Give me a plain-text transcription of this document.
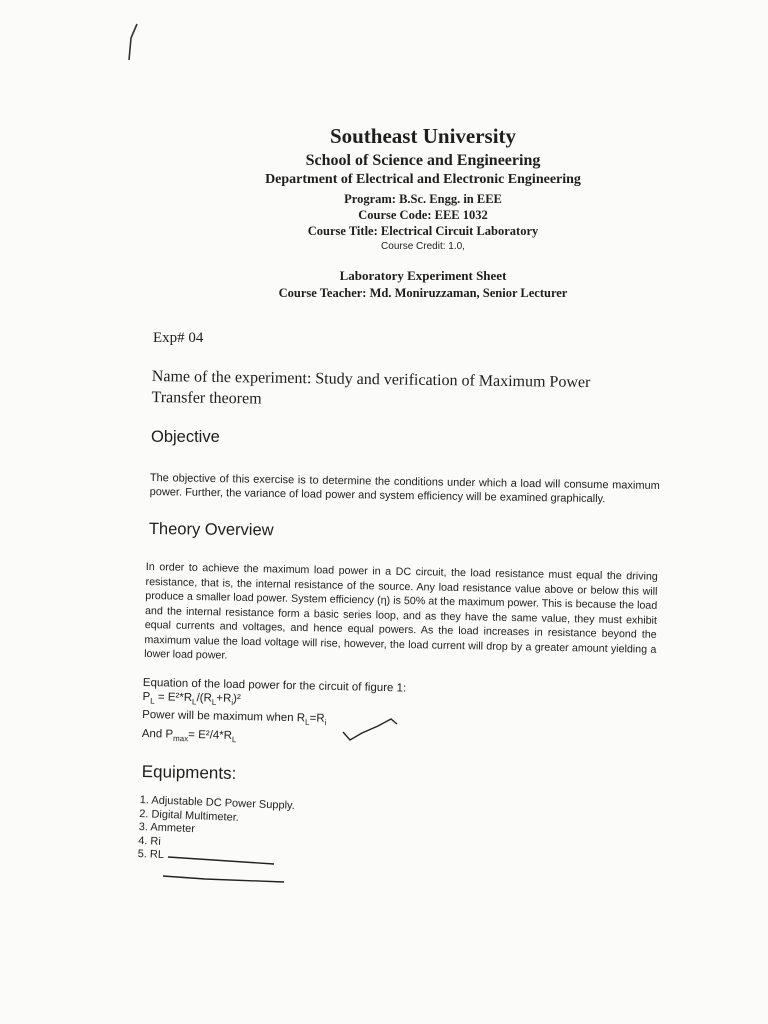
Southeast University
School of Science and Engineering
Department of Electrical and Electronic Engineering
Program: B.Sc. Engg. in EEE
Course Code: EEE 1032
Course Title: Electrical Circuit Laboratory
Course Credit: 1.0,
Laboratory Experiment Sheet
Course Teacher: Md. Moniruzzaman, Senior Lecturer
Exp# 04
Name of the experiment: Study and verification of Maximum Power
Transfer theorem
Objective
The objective of this exercise is to determine the conditions under which a load will consume maximum power. Further, the variance of load power and system efficiency will be examined graphically.
Theory Overview
In order to achieve the maximum load power in a DC circuit, the load resistance must equal the driving resistance, that is, the internal resistance of the source. Any load resistance value above or below this will produce a smaller load power. System efficiency (η) is 50% at the maximum power. This is because the load and the internal resistance form a basic series loop, and as they have the same value, they must exhibit equal currents and voltages, and hence equal powers. As the load increases in resistance beyond the maximum value the load voltage will rise, however, the load current will drop by a greater amount yielding a lower load power.
Equation of the load power for the circuit of figure 1:
$P_L = E^2*R_L/(R_L+R_i)^2$
Power will be maximum when $R_L=R_i$
And $P_{max}= E^2/4*R_L$
Equipments:
1. Adjustable DC Power Supply.
2. Digital Multimeter.
3. Ammeter
4. Ri
5. RL
